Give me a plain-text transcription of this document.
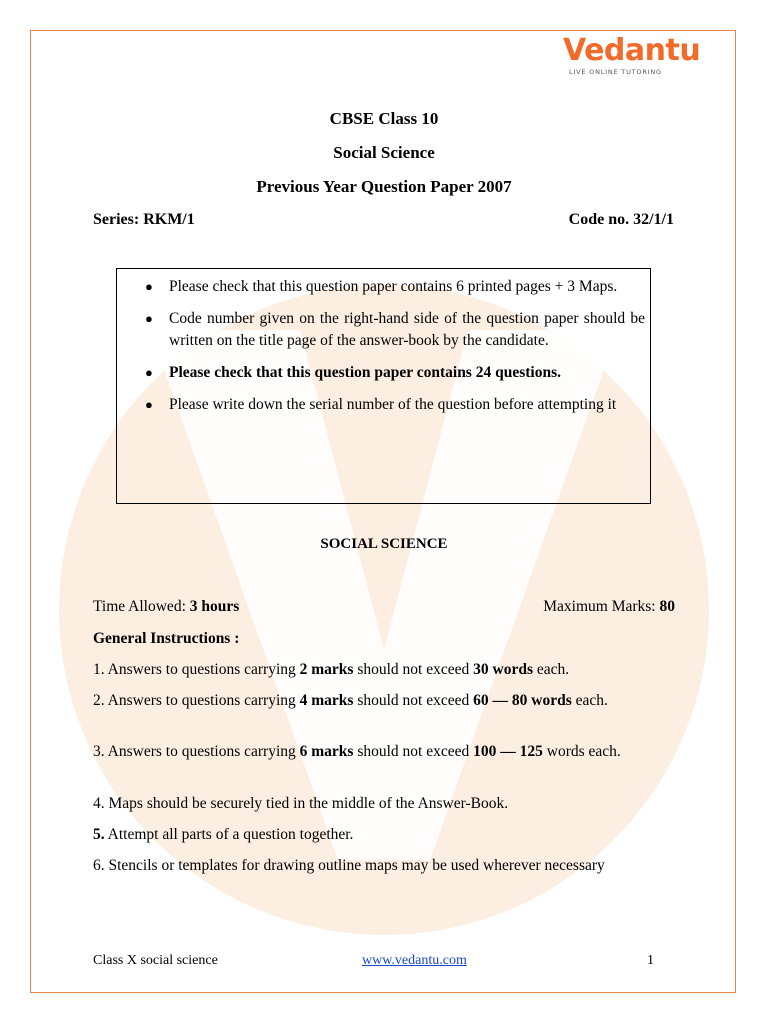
Vedantu
LIVE ONLINE TUTORING
CBSE Class 10
Social Science
Previous Year Question Paper 2007
Series: RKM/1	Code no. 32/1/1
● Please check that this question paper contains 6 printed pages + 3 Maps.
● Code number given on the right-hand side of the question paper should be written on the title page of the answer-book by the candidate.
● Please check that this question paper contains 24 questions.
● Please write down the serial number of the question before attempting it
SOCIAL SCIENCE
Time Allowed: 3 hours	Maximum Marks: 80
General Instructions :
1. Answers to questions carrying 2 marks should not exceed 30 words each.
2. Answers to questions carrying 4 marks should not exceed 60 — 80 words each.
3. Answers to questions carrying 6 marks should not exceed 100 — 125 words each.
4. Maps should be securely tied in the middle of the Answer-Book.
5. Attempt all parts of a question together.
6. Stencils or templates for drawing outline maps may be used wherever necessary
Class X social science	www.vedantu.com	1
